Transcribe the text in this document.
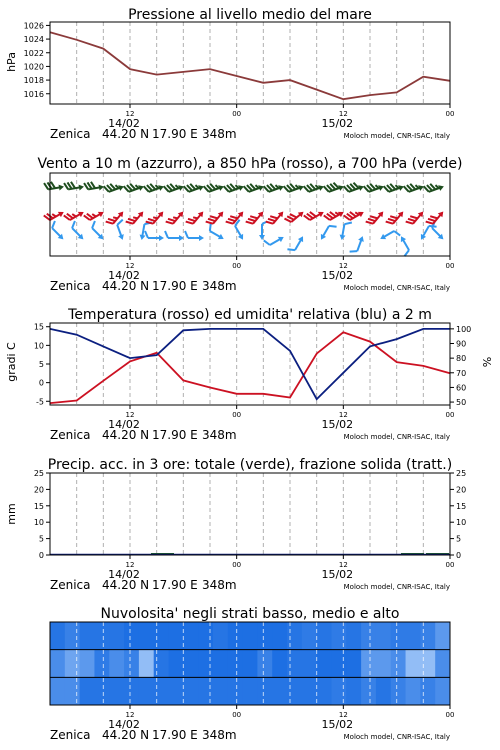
Pressione al livello medio del mare
hPa
1016
1018
1020
1022
1024
1026
12	00	12	00
14/02	15/02
Zenica 44.20 N 17.90 E 348m	Moloch model, CNR-ISAC, Italy
Vento a 10 m (azzurro), a 850 hPa (rosso), a 700 hPa (verde)
12	00	12	00
14/02	15/02
Zenica 44.20 N 17.90 E 348m	Moloch model, CNR-ISAC, Italy
Temperatura (rosso) ed umidita' relativa (blu) a 2 m
gradi C	%
-5
0
5
10
15
50
60
70
80
90
100
12	00	12	00
14/02	15/02
Zenica 44.20 N 17.90 E 348m	Moloch model, CNR-ISAC, Italy
Precip. acc. in 3 ore: totale (verde), frazione solida (tratt.)
mm
0
5
10
15
20
25
0
5
10
15
20
25
12	00	12	00
14/02	15/02
Zenica 44.20 N 17.90 E 348m	Moloch model, CNR-ISAC, Italy
Nuvolosita' negli strati basso, medio e alto
12	00	12	00
14/02	15/02
Zenica 44.20 N 17.90 E 348m	Moloch model, CNR-ISAC, Italy
